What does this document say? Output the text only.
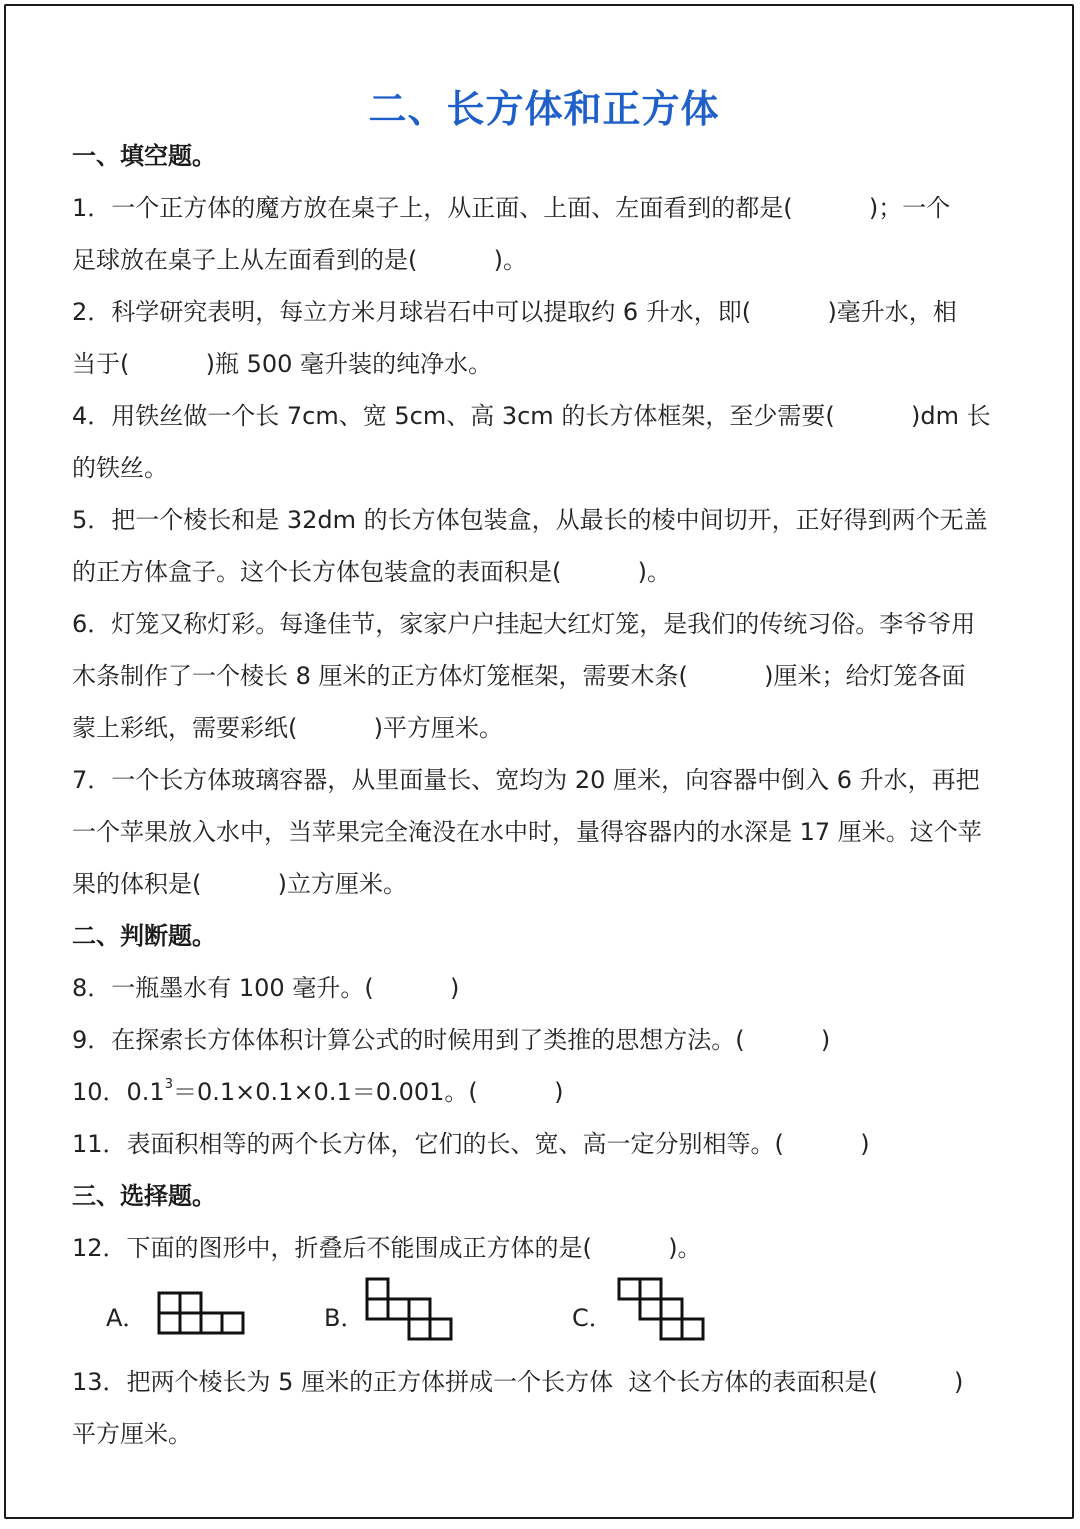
二、长方体和正方体
一、填空题。
1．一个正方体的魔方放在桌子上，从正面、上面、左面看到的都是(          )；一个
足球放在桌子上从左面看到的是(          )。
2．科学研究表明，每立方米月球岩石中可以提取约 6 升水，即(          )毫升水，相
当于(          )瓶 500 毫升装的纯净水。
4．用铁丝做一个长 7cm、宽 5cm、高 3cm 的长方体框架，至少需要(          )dm 长
的铁丝。
5．把一个棱长和是 32dm 的长方体包装盒，从最长的棱中间切开，正好得到两个无盖
的正方体盒子。这个长方体包装盒的表面积是(          )。
6．灯笼又称灯彩。每逢佳节，家家户户挂起大红灯笼，是我们的传统习俗。李爷爷用
木条制作了一个棱长 8 厘米的正方体灯笼框架，需要木条(          )厘米；给灯笼各面
蒙上彩纸，需要彩纸(          )平方厘米。
7．一个长方体玻璃容器，从里面量长、宽均为 20 厘米，向容器中倒入 6 升水，再把
一个苹果放入水中，当苹果完全淹没在水中时，量得容器内的水深是 17 厘米。这个苹
果的体积是(          )立方厘米。
二、判断题。
8．一瓶墨水有 100 毫升。(          )
9．在探索长方体体积计算公式的时候用到了类推的思想方法。(          )
10．$0.1^3=0.1\times 0.1\times 0.1=0.001$。(          )
11．表面积相等的两个长方体，它们的长、宽、高一定分别相等。(          )
三、选择题。
12．下面的图形中，折叠后不能围成正方体的是(          )。
A．	B．	C．
13．把两个棱长为 5 厘米的正方体拼成一个长方体  这个长方体的表面积是(          )
平方厘米。
